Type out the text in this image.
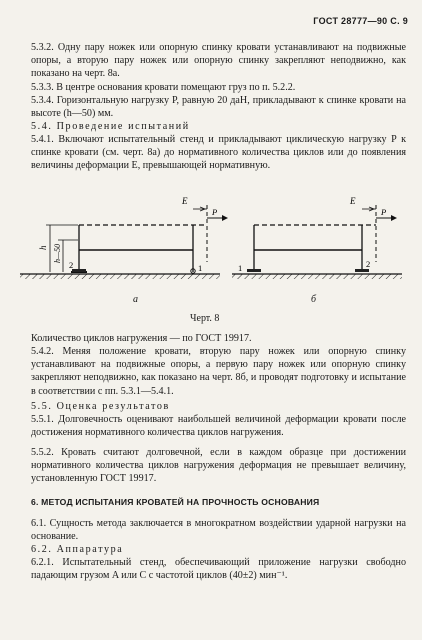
ГОСТ 28777—90 С. 9

5.3.2. Одну пару ножек или опорную спинку кровати устанавливают на подвижные опоры, а вторую пару ножек или опорную спинку закрепляют неподвижно, как показано на черт. 8а.

5.3.3. В центре основания кровати помещают груз по п. 5.2.2.

5.3.4. Горизонтальную нагрузку P, равную 20 даН, прикладывают к спинке кровати на высоте (h—50) мм.

5.4. Проведение испытаний

5.4.1. Включают испытательный стенд и прикладывают циклическую нагрузку P к спинке кровати (см. черт. 8а) до нормативного количества циклов или до появления величины деформации E, превышающей нормативную.

h h—50
2	1
E
P
1	2
E
P
а	б
Черт. 8

Количество циклов нагружения — по ГОСТ 19917.

5.4.2. Меняя положение кровати, вторую пару ножек или опорную спинку устанавливают на подвижные опоры, а первую пару ножек или опорную спинку закрепляют неподвижно, как показано на черт. 8б, и проводят подготовку и испытание в соответствии с пп. 5.3.1—5.4.1.

5.5. Оценка результатов

5.5.1. Долговечность оценивают наибольшей величиной деформации кровати после достижения нормативного количества циклов нагружения.

5.5.2. Кровать считают долговечной, если в каждом образце при достижении нормативного количества циклов нагружения деформация не превышает величину, установленную ГОСТ 19917.

6. МЕТОД ИСПЫТАНИЯ КРОВАТЕЙ НА ПРОЧНОСТЬ ОСНОВАНИЯ

6.1. Сущность метода заключается в многократном воздействии ударной нагрузки на основание.

6.2. Аппаратура

6.2.1. Испытательный стенд, обеспечивающий приложение нагрузки свободно падающим грузом A или C с частотой циклов (40±2) мин⁻¹.
